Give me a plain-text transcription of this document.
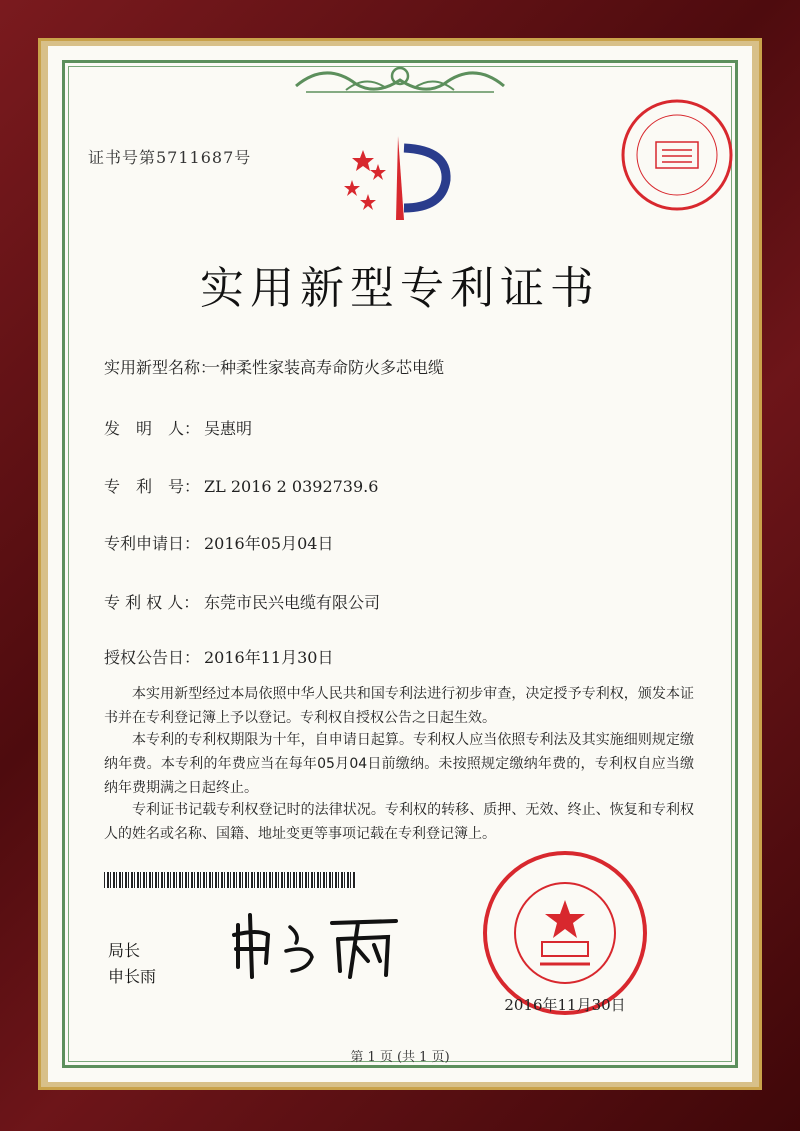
证书号第5711687号
实用新型专利证书
实用新型名称：一种柔性家装高寿命防火多芯电缆
发　明　人： 吴惠明
专　利　号： ZL 2016 2 0392739.6
专利申请日： 2016年05月04日
专 利 权 人： 东莞市民兴电缆有限公司
授权公告日： 2016年11月30日
本实用新型经过本局依照中华人民共和国专利法进行初步审查，决定授予专利权，颁发本证书并在专利登记簿上予以登记。专利权自授权公告之日起生效。
本专利的专利权期限为十年，自申请日起算。专利权人应当依照专利法及其实施细则规定缴纳年费。本专利的年费应当在每年05月04日前缴纳。未按照规定缴纳年费的，专利权自应当缴纳年费期满之日起终止。
专利证书记载专利权登记时的法律状况。专利权的转移、质押、无效、终止、恢复和专利权人的姓名或名称、国籍、地址变更等事项记载在专利登记簿上。
局长
申长雨
2016年11月30日
第 1 页 (共 1 页)
